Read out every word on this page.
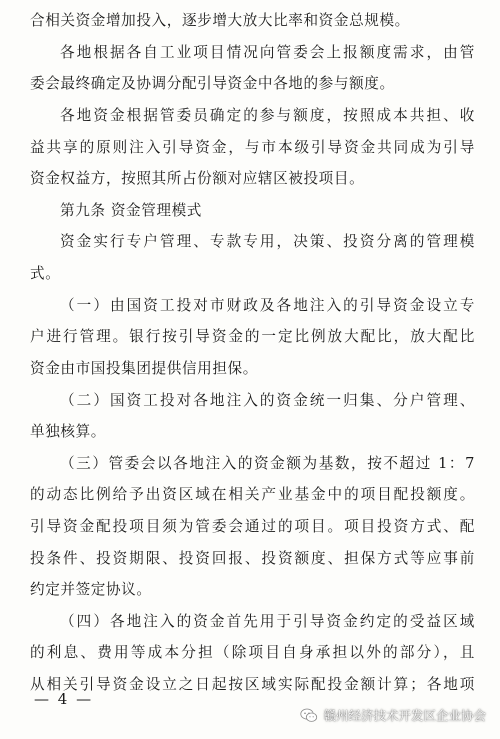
合相关资金增加投入，逐步增大放大比率和资金总规模。
各地根据各自工业项目情况向管委会上报额度需求，由管
委会最终确定及协调分配引导资金中各地的参与额度。
各地资金根据管委员确定的参与额度，按照成本共担、收
益共享的原则注入引导资金，与市本级引导资金共同成为引导
资金权益方，按照其所占份额对应辖区被投项目。
第九条 资金管理模式
资金实行专户管理、专款专用，决策、投资分离的管理模
式。
（一）由国资工投对市财政及各地注入的引导资金设立专
户进行管理。银行按引导资金的一定比例放大配比，放大配比
资金由市国投集团提供信用担保。
（二）国资工投对各地注入的资金统一归集、分户管理、
单独核算。
（三）管委会以各地注入的资金额为基数，按不超过 1：7
的动态比例给予出资区域在相关产业基金中的项目配投额度。
引导资金配投项目须为管委会通过的项目。项目投资方式、配
投条件、投资期限、投资回报、投资额度、担保方式等应事前
约定并签定协议。
（四）各地注入的资金首先用于引导资金约定的受益区域
的利息、费用等成本分担（除项目自身承担以外的部分），且
从相关引导资金设立之日起按区域实际配投金额计算；各地项
— 4 —
赣州经济技术开发区企业协会
